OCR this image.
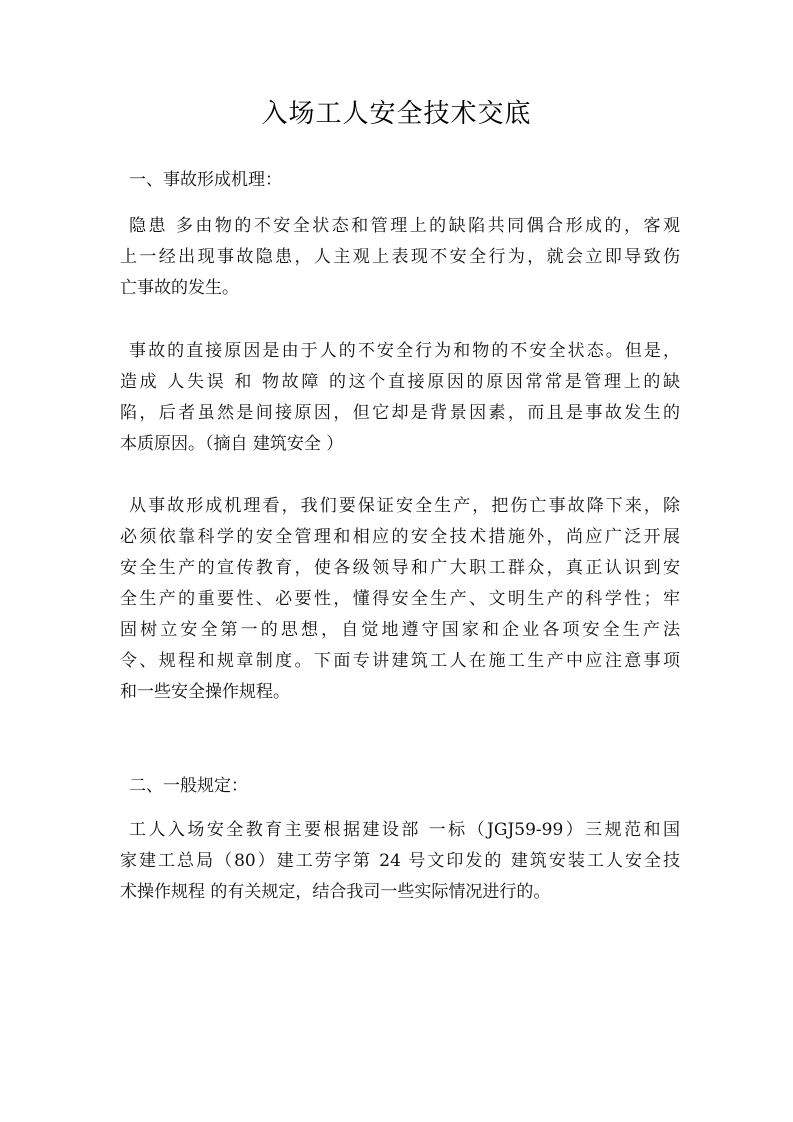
入场工人安全技术交底
一、事故形成机理：
隐患 多由物的不安全状态和管理上的缺陷共同偶合形成的，客观
上一经出现事故隐患，人主观上表现不安全行为，就会立即导致伤
亡事故的发生。
事故的直接原因是由于人的不安全行为和物的不安全状态。但是，
造成 人失误 和 物故障 的这个直接原因的原因常常是管理上的缺
陷，后者虽然是间接原因，但它却是背景因素，而且是事故发生的
本质原因。（摘自 建筑安全 ）
从事故形成机理看，我们要保证安全生产，把伤亡事故降下来，除
必须依靠科学的安全管理和相应的安全技术措施外，尚应广泛开展
安全生产的宣传教育，使各级领导和广大职工群众，真正认识到安
全生产的重要性、必要性，懂得安全生产、文明生产的科学性；牢
固树立安全第一的思想，自觉地遵守国家和企业各项安全生产法
令、规程和规章制度。下面专讲建筑工人在施工生产中应注意事项
和一些安全操作规程。
二、一般规定：
工人入场安全教育主要根据建设部 一标（JGJ59-99）三规范和国
家建工总局（80）建工劳字第 24 号文印发的 建筑安装工人安全技
术操作规程 的有关规定，结合我司一些实际情况进行的。
